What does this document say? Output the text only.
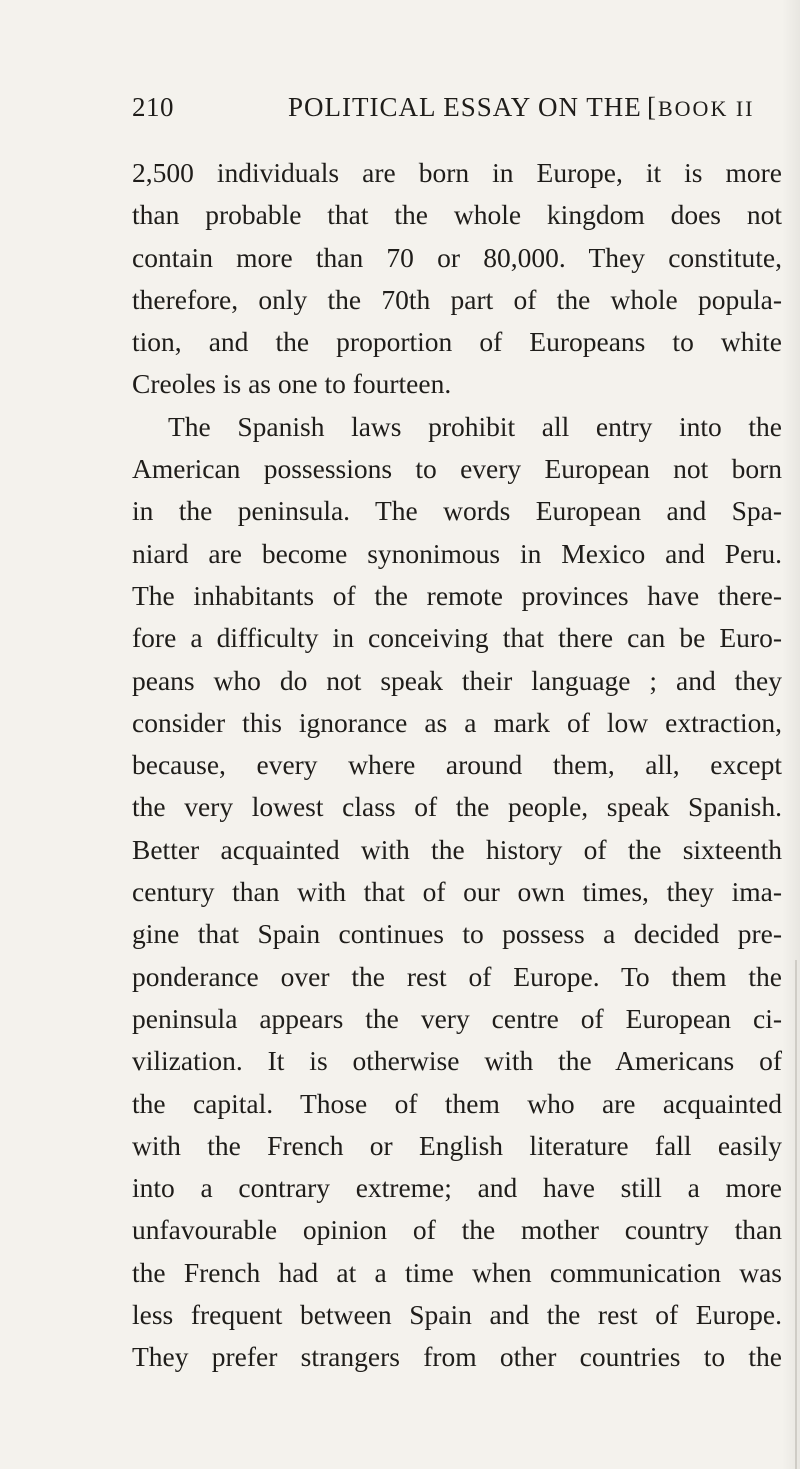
210	POLITICAL ESSAY ON THE [BOOK II
2,500 individuals are born in Europe, it is more
than probable that the whole kingdom does not
contain more than 70 or 80,000. They constitute,
therefore, only the 70th part of the whole popula-
tion, and the proportion of Europeans to white
Creoles is as one to fourteen.
The Spanish laws prohibit all entry into the
American possessions to every European not born
in the peninsula. The words European and Spa-
niard are become synonimous in Mexico and Peru.
The inhabitants of the remote provinces have there-
fore a difficulty in conceiving that there can be Euro-
peans who do not speak their language ; and they
consider this ignorance as a mark of low extraction,
because, every where around them, all, except
the very lowest class of the people, speak Spanish.
Better acquainted with the history of the sixteenth
century than with that of our own times, they ima-
gine that Spain continues to possess a decided pre-
ponderance over the rest of Europe. To them the
peninsula appears the very centre of European ci-
vilization. It is otherwise with the Americans of
the capital. Those of them who are acquainted
with the French or English literature fall easily
into a contrary extreme; and have still a more
unfavourable opinion of the mother country than
the French had at a time when communication was
less frequent between Spain and the rest of Europe.
They prefer strangers from other countries to the
